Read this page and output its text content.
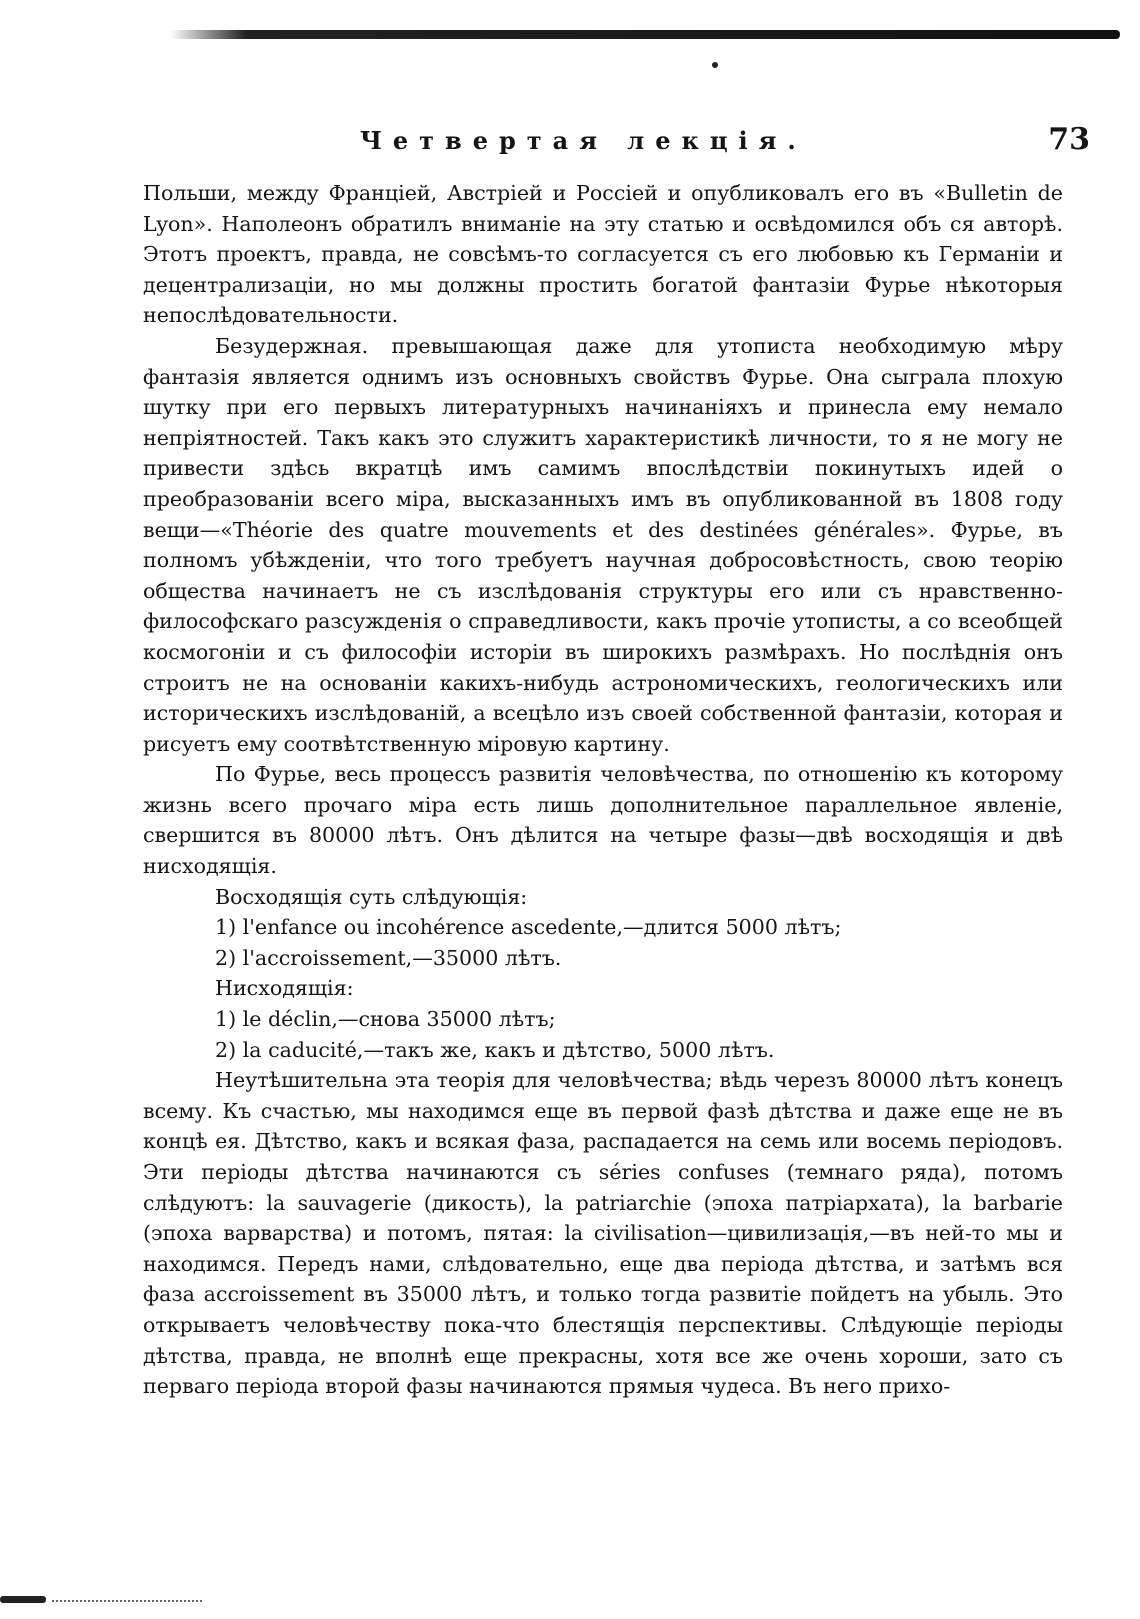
Четвертая лекція.	73

Польши, между Франціей, Австріей и Россіей и опубликовалъ его въ «Bulletin de Lyon». Наполеонъ обратилъ вниманіе на эту статью и освѣдомился объ ся авторѣ. Этотъ проектъ, правда, не совсѣмъ-то согласуется съ его любовью къ Германіи и децентрализаціи, но мы должны простить богатой фантазіи Фурье нѣкоторыя непослѣдовательности.

Безудержная. превышающая даже для утописта необходимую мѣру фантазія является однимъ изъ основныхъ свойствъ Фурье. Она сыграла плохую шутку при его первыхъ литературныхъ начинаніяхъ и принесла ему немало непріятностей. Такъ какъ это служитъ характеристикѣ личности, то я не могу не привести здѣсь вкратцѣ имъ самимъ впослѣдствіи покинутыхъ идей о преобразованіи всего міра, высказанныхъ имъ въ опубликованной въ 1808 году вещи—«Théorie des quatre mouvements et des destinées générales». Фурье, въ полномъ убѣжденіи, что того требуетъ научная добросовѣстность, свою теорію общества начинаетъ не съ изслѣдованія структуры его или съ нравственно-философскаго разсужденія о справедливости, какъ прочіе утописты, а со всеобщей космогоніи и съ философіи исторіи въ широкихъ размѣрахъ. Но послѣднія онъ строитъ не на основаніи какихъ-нибудь астрономическихъ, геологическихъ или историческихъ изслѣдованій, а всецѣло изъ своей собственной фантазіи, которая и рисуетъ ему соотвѣтственную міровую картину.

По Фурье, весь процессъ развитія человѣчества, по отношенію къ которому жизнь всего прочаго міра есть лишь дополнительное параллельное явленіе, свершится въ 80000 лѣтъ. Онъ дѣлится на четыре фазы—двѣ восходящія и двѣ нисходящія.

Восходящія суть слѣдующія:

1) l'enfance ou incohérence ascedente,—длится 5000 лѣтъ;

2) l'accroissement,—35000 лѣтъ.

Нисходящія:

1) le déclin,—снова 35000 лѣтъ;

2) la caducité,—такъ же, какъ и дѣтство, 5000 лѣтъ.

Неутѣшительна эта теорія для человѣчества; вѣдь черезъ 80000 лѣтъ конецъ всему. Къ счастью, мы находимся еще въ первой фазѣ дѣтства и даже еще не въ концѣ ея. Дѣтство, какъ и всякая фаза, распадается на семь или восемь періодовъ. Эти періоды дѣтства начинаются съ séries confuses (темнаго ряда), потомъ слѣдуютъ: la sauvagerie (дикость), la patriarchie (эпоха патріархата), la barbarie (эпоха варварства) и потомъ, пятая: la civilisation—цивилизація,—въ ней-то мы и находимся. Передъ нами, слѣдовательно, еще два періода дѣтства, и затѣмъ вся фаза accroissement въ 35000 лѣтъ, и только тогда развитіе пойдетъ на убыль. Это открываетъ человѣчеству пока-что блестящія перспективы. Слѣдующіе періоды дѣтства, правда, не вполнѣ еще прекрасны, хотя все же очень хороши, зато съ перваго періода второй фазы начинаются прямыя чудеса. Въ него прихо-
